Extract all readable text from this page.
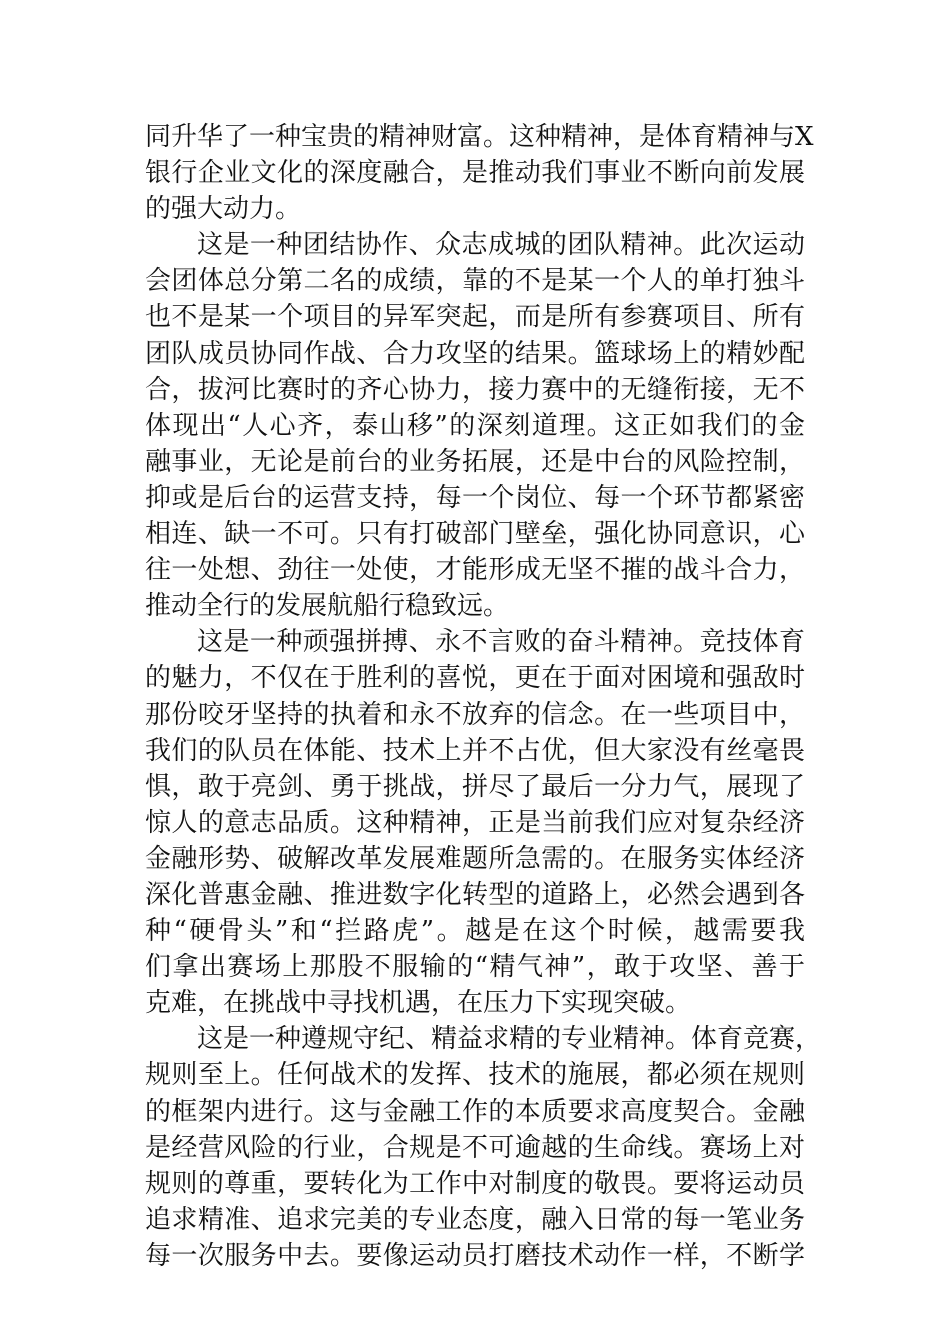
同升华了一种宝贵的精神财富。这种精神，是体育精神与X
银行企业文化的深度融合，是推动我们事业不断向前发展
的强大动力。
这是一种团结协作、众志成城的团队精神。此次运动
会团体总分第二名的成绩，靠的不是某一个人的单打独斗
也不是某一个项目的异军突起，而是所有参赛项目、所有
团队成员协同作战、合力攻坚的结果。篮球场上的精妙配
合，拔河比赛时的齐心协力，接力赛中的无缝衔接，无不
体现出“人心齐，泰山移”的深刻道理。这正如我们的金
融事业，无论是前台的业务拓展，还是中台的风险控制，
抑或是后台的运营支持，每一个岗位、每一个环节都紧密
相连、缺一不可。只有打破部门壁垒，强化协同意识，心
往一处想、劲往一处使，才能形成无坚不摧的战斗合力，
推动全行的发展航船行稳致远。
这是一种顽强拼搏、永不言败的奋斗精神。竞技体育
的魅力，不仅在于胜利的喜悦，更在于面对困境和强敌时
那份咬牙坚持的执着和永不放弃的信念。在一些项目中，
我们的队员在体能、技术上并不占优，但大家没有丝毫畏
惧，敢于亮剑、勇于挑战，拼尽了最后一分力气，展现了
惊人的意志品质。这种精神，正是当前我们应对复杂经济
金融形势、破解改革发展难题所急需的。在服务实体经济
深化普惠金融、推进数字化转型的道路上，必然会遇到各
种“硬骨头”和“拦路虎”。越是在这个时候，越需要我
们拿出赛场上那股不服输的“精气神”，敢于攻坚、善于
克难，在挑战中寻找机遇，在压力下实现突破。
这是一种遵规守纪、精益求精的专业精神。体育竞赛，
规则至上。任何战术的发挥、技术的施展，都必须在规则
的框架内进行。这与金融工作的本质要求高度契合。金融
是经营风险的行业，合规是不可逾越的生命线。赛场上对
规则的尊重，要转化为工作中对制度的敬畏。要将运动员
追求精准、追求完美的专业态度，融入日常的每一笔业务
每一次服务中去。要像运动员打磨技术动作一样，不断学
